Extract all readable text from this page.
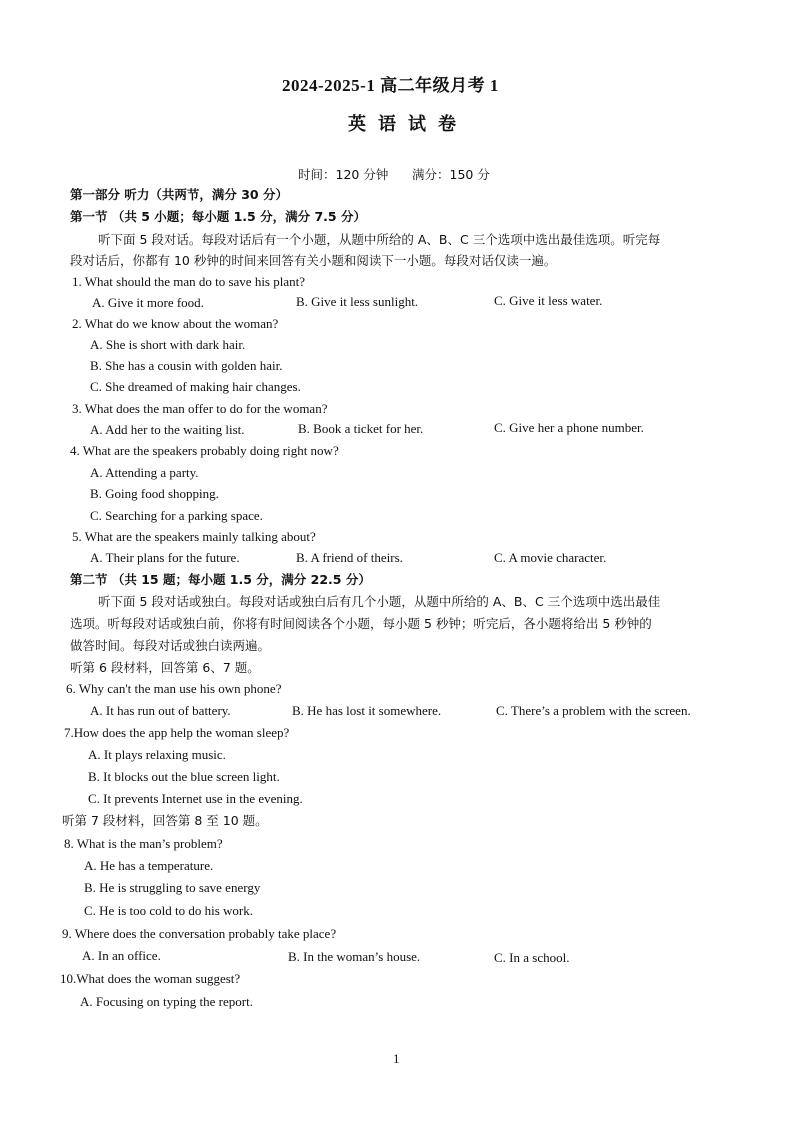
2024-2025-1 高二年级月考 1
英语试卷
时间：120 分钟 满分：150 分
第一部分 听力（共两节，满分 30 分）
第一节 （共 5 小题；每小题 1.5 分，满分 7.5 分）
听下面 5 段对话。每段对话后有一个小题，从题中所给的 A、B、C 三个选项中选出最佳选项。听完每
段对话后，你都有 10 秒钟的时间来回答有关小题和阅读下一小题。每段对话仅读一遍。
1. What should the man do to save his plant?
A. Give it more food.	B. Give it less sunlight.	C. Give it less water.
2. What do we know about the woman?
A. She is short with dark hair.
B. She has a cousin with golden hair.
C. She dreamed of making hair changes.
3. What does the man offer to do for the woman?
A. Add her to the waiting list.	B. Book a ticket for her.	C. Give her a phone number.
4. What are the speakers probably doing right now?
A. Attending a party.
B. Going food shopping.
C. Searching for a parking space.
5. What are the speakers mainly talking about?
A. Their plans for the future.	B. A friend of theirs.	C. A movie character.
第二节 （共 15 题；每小题 1.5 分，满分 22.5 分）
听下面 5 段对话或独白。每段对话或独白后有几个小题，从题中所给的 A、B、C 三个选项中选出最佳
选项。听每段对话或独白前，你将有时间阅读各个小题，每小题 5 秒钟；听完后，各小题将给出 5 秒钟的
做答时间。每段对话或独白读两遍。
听第 6 段材料，回答第 6、7 题。
6. Why can't the man use his own phone?
A. It has run out of battery.	B. He has lost it somewhere.	C. There’s a problem with the screen.
7.How does the app help the woman sleep?
A. It plays relaxing music.
B. It blocks out the blue screen light.
C. It prevents Internet use in the evening.
听第 7 段材料，回答第 8 至 10 题。
8. What is the man’s problem?
A. He has a temperature.
B. He is struggling to save energy
C. He is too cold to do his work.
9. Where does the conversation probably take place?
A. In an office.	B. In the woman’s house.	C. In a school.
10.What does the woman suggest?
A. Focusing on typing the report.
1
